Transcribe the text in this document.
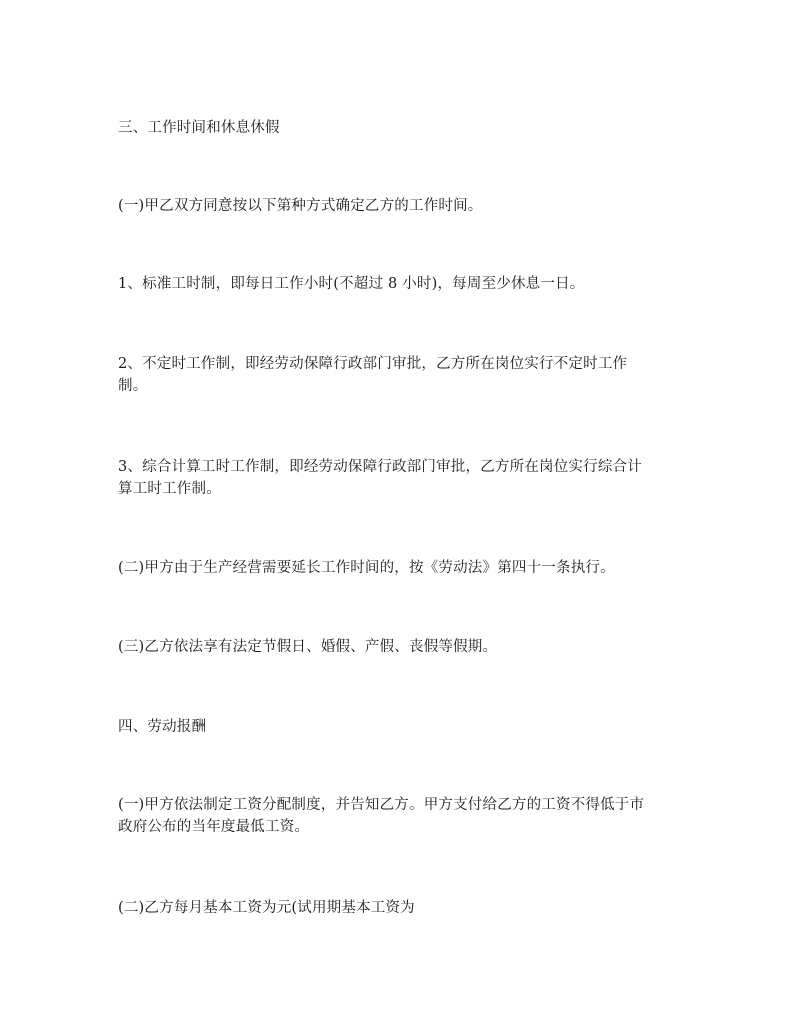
三、工作时间和休息休假

(一)甲乙双方同意按以下第种方式确定乙方的工作时间。

1、标准工时制，即每日工作小时(不超过 8 小时)，每周至少休息一日。

2、不定时工作制，即经劳动保障行政部门审批，乙方所在岗位实行不定时工作
制。

3、综合计算工时工作制，即经劳动保障行政部门审批，乙方所在岗位实行综合计
算工时工作制。

(二)甲方由于生产经营需要延长工作时间的，按《劳动法》第四十一条执行。

(三)乙方依法享有法定节假日、婚假、产假、丧假等假期。

四、劳动报酬

(一)甲方依法制定工资分配制度，并告知乙方。甲方支付给乙方的工资不得低于市
政府公布的当年度最低工资。

(二)乙方每月基本工资为元(试用期基本工资为
